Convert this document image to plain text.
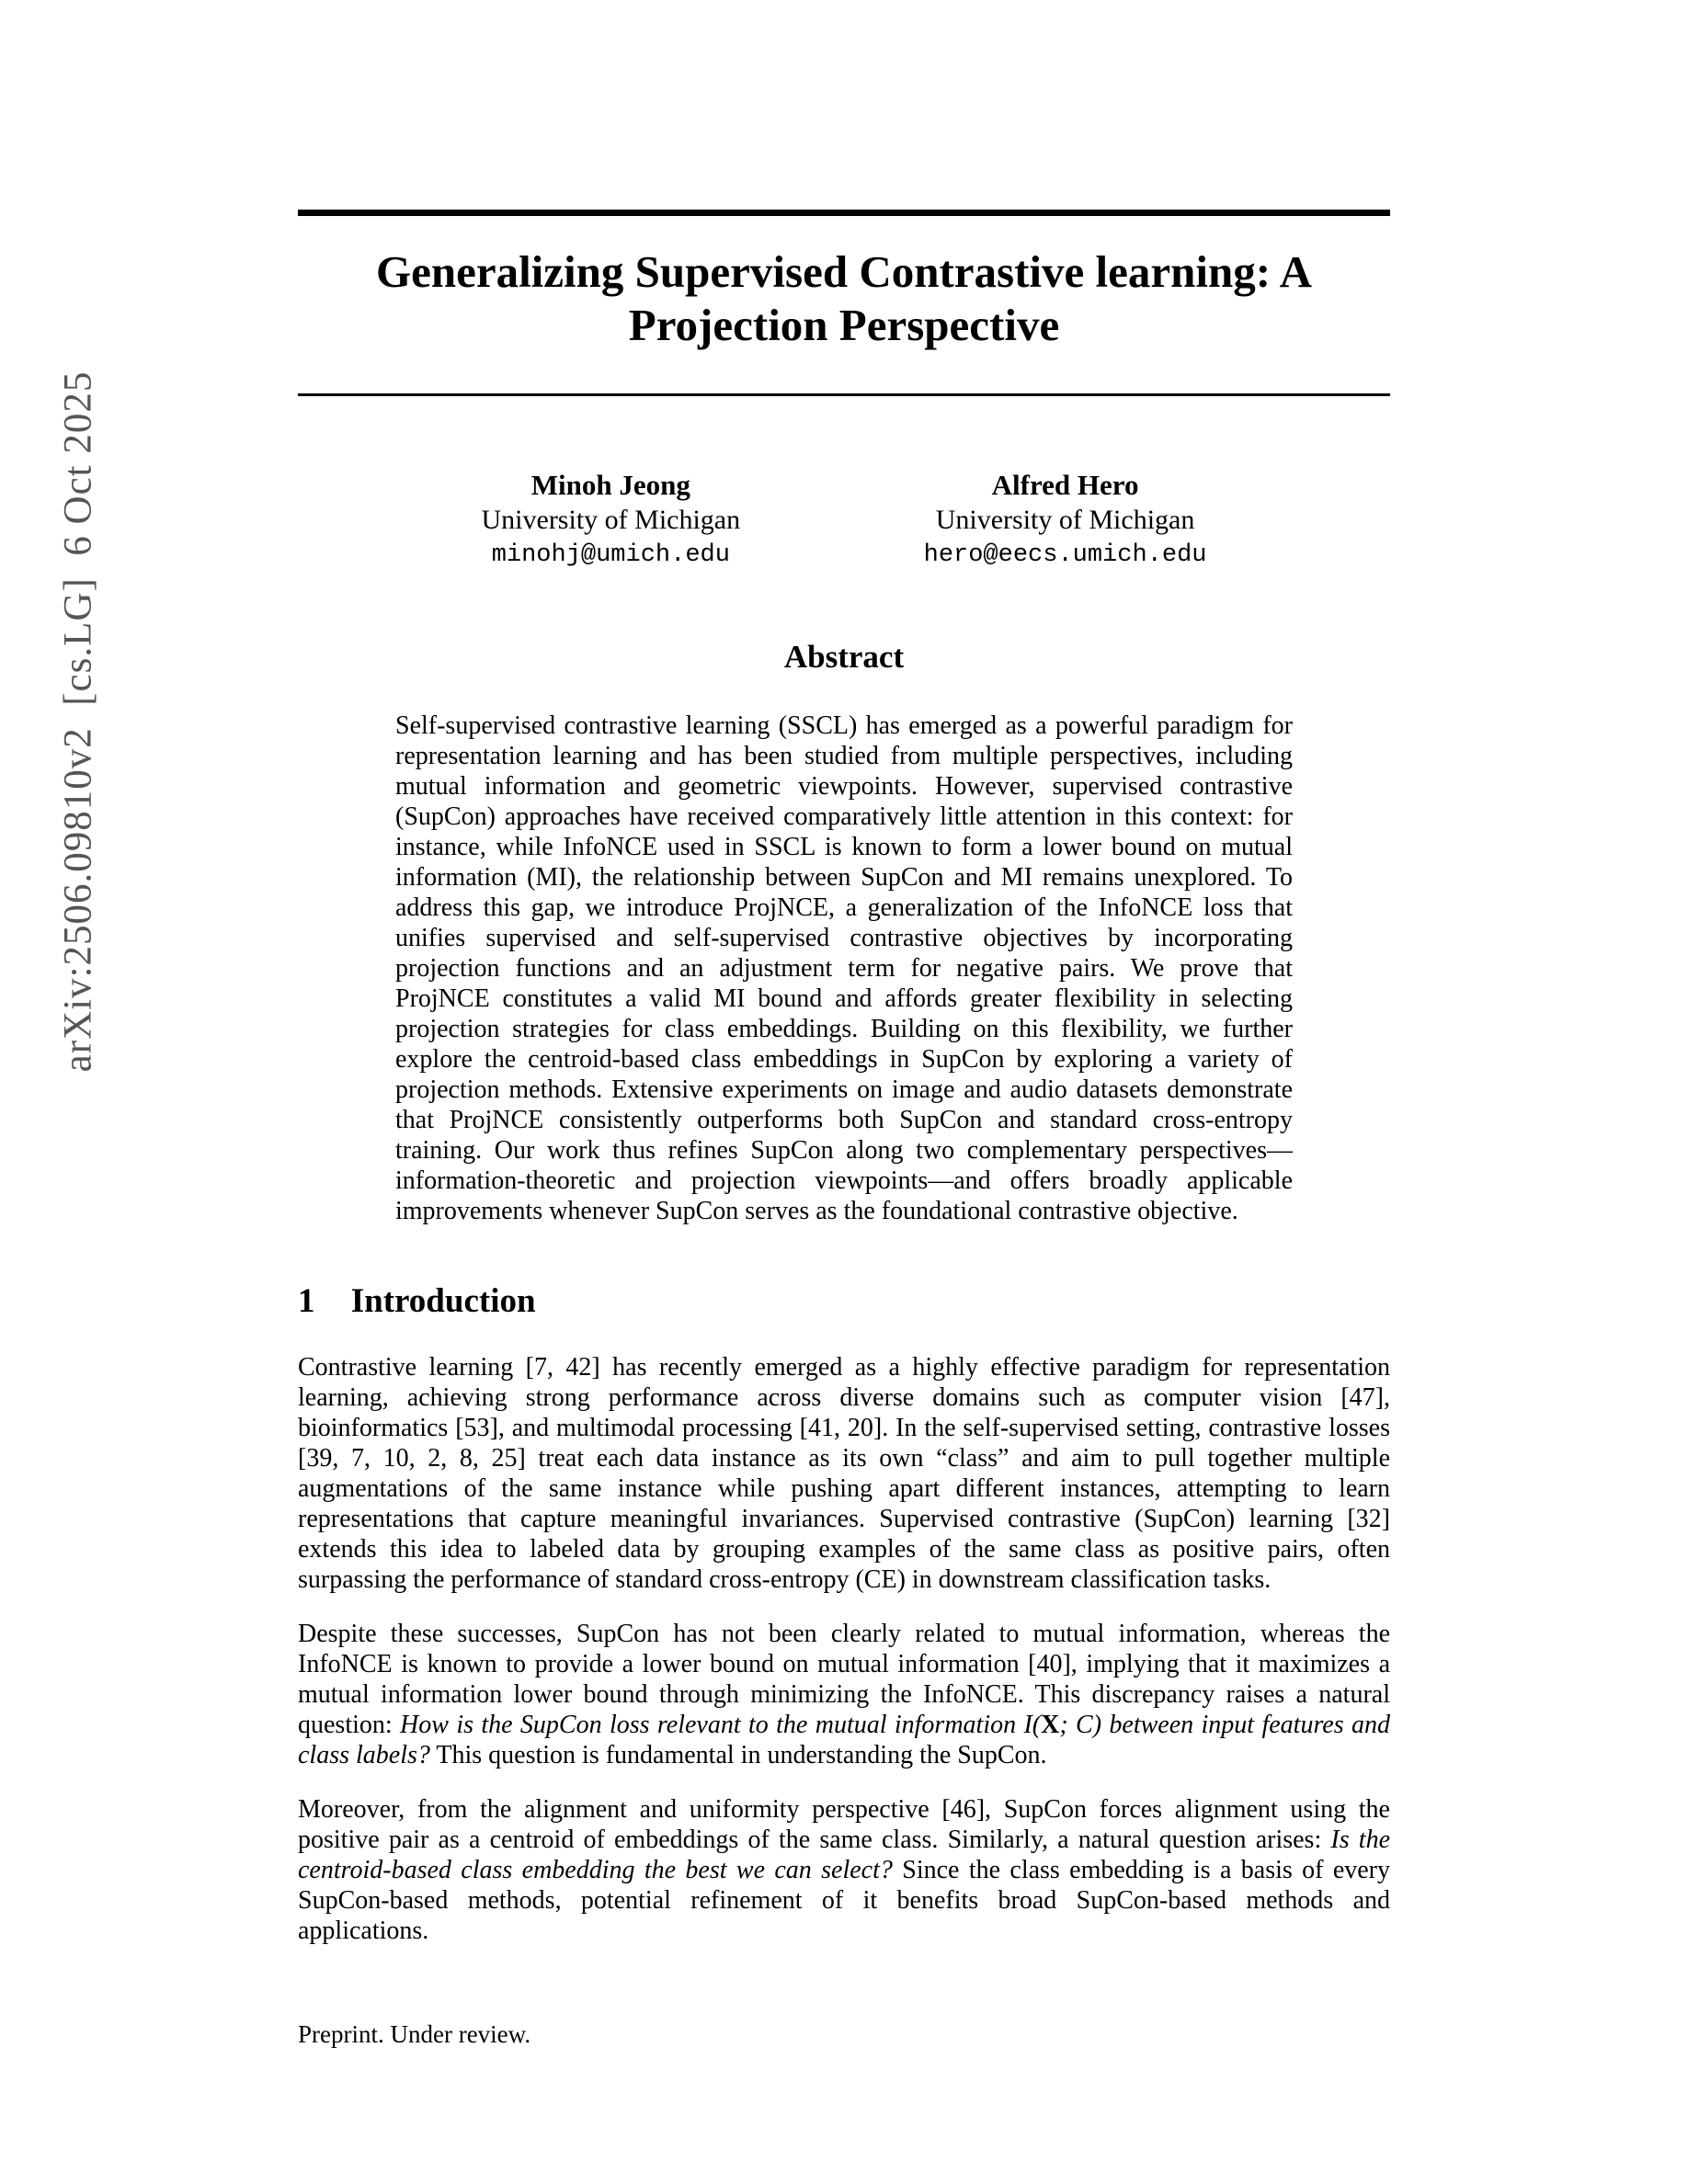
arXiv:2506.09810v2  [cs.LG]  6 Oct 2025
Generalizing Supervised Contrastive learning: A
Projection Perspective
Minoh Jeong
University of Michigan
minohj@umich.edu
Alfred Hero
University of Michigan
hero@eecs.umich.edu
Abstract

Self-supervised contrastive learning (SSCL) has emerged as a powerful paradigm for representation learning and has been studied from multiple perspectives, including mutual information and geometric viewpoints. However, supervised contrastive (SupCon) approaches have received comparatively little attention in this context: for instance, while InfoNCE used in SSCL is known to form a lower bound on mutual information (MI), the relationship between SupCon and MI remains unexplored. To address this gap, we introduce ProjNCE, a generalization of the InfoNCE loss that unifies supervised and self-supervised contrastive objectives by incorporating projection functions and an adjustment term for negative pairs. We prove that ProjNCE constitutes a valid MI bound and affords greater flexibility in selecting projection strategies for class embeddings. Building on this flexibility, we further explore the centroid-based class embeddings in SupCon by exploring a variety of projection methods. Extensive experiments on image and audio datasets demonstrate that ProjNCE consistently outperforms both SupCon and standard cross-entropy training. Our work thus refines SupCon along two complementary perspectives—information-theoretic and projection viewpoints—and offers broadly applicable improvements whenever SupCon serves as the foundational contrastive objective.

1 Introduction

Contrastive learning [7, 42] has recently emerged as a highly effective paradigm for representation learning, achieving strong performance across diverse domains such as computer vision [47], bioinformatics [53], and multimodal processing [41, 20]. In the self-supervised setting, contrastive losses [39, 7, 10, 2, 8, 25] treat each data instance as its own “class” and aim to pull together multiple augmentations of the same instance while pushing apart different instances, attempting to learn representations that capture meaningful invariances. Supervised contrastive (SupCon) learning [32] extends this idea to labeled data by grouping examples of the same class as positive pairs, often surpassing the performance of standard cross-entropy (CE) in downstream classification tasks.

Despite these successes, SupCon has not been clearly related to mutual information, whereas the InfoNCE is known to provide a lower bound on mutual information [40], implying that it maximizes a mutual information lower bound through minimizing the InfoNCE. This discrepancy raises a natural question: How is the SupCon loss relevant to the mutual information I(X; C) between input features and class labels? This question is fundamental in understanding the SupCon.

Moreover, from the alignment and uniformity perspective [46], SupCon forces alignment using the positive pair as a centroid of embeddings of the same class. Similarly, a natural question arises: Is the centroid-based class embedding the best we can select? Since the class embedding is a basis of every SupCon-based methods, potential refinement of it benefits broad SupCon-based methods and applications.

Preprint. Under review.
